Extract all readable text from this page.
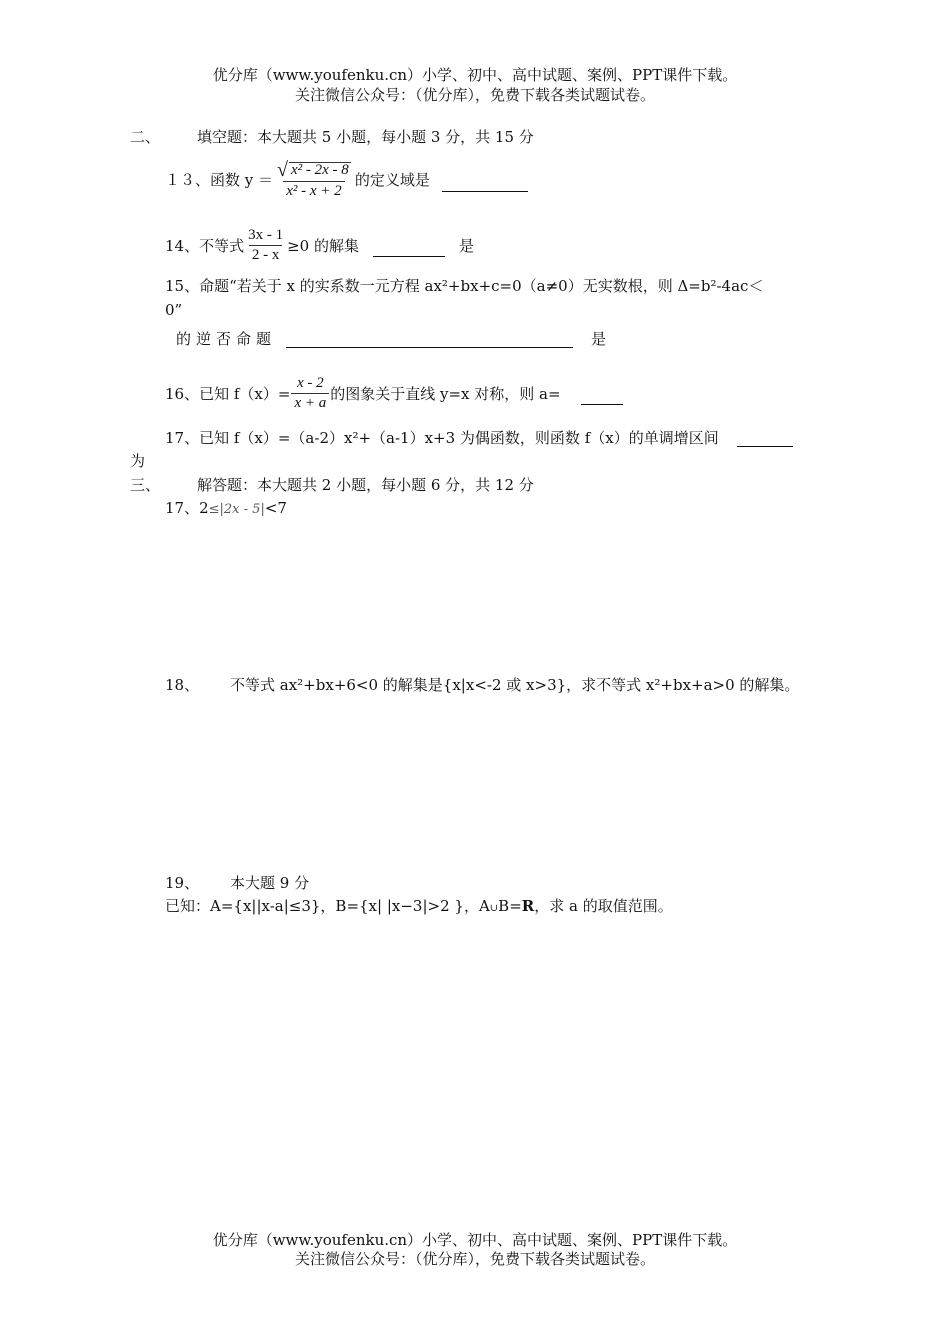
优分库（www.youfenku.cn）小学、初中、高中试题、案例、PPT课件下载。
关注微信公众号：（优分库），免费下载各类试题试卷。
二、 填空题：本大题共 5 小题，每小题 3 分，共 15 分
１３、函数 $y = \frac{\text{√ x² - 2x - 8}}{\text{x² - x + 2}}$ 的定义域是
14、不等式 $\frac{3x - 1}{2 - x} \ge 0$ 的解集	是
15、命题“若关于 x 的实系数一元方程 ax²+bx+c=0（a≠0）无实数根，则 Δ=b²-4ac＜
0”
的逆否命题	是
16、已知 $f(x)= \frac{x - 2}{x + a}$ 的图象关于直线 y=x 对称，则 a=
17、已知 f（x）=（a-2）x²+（a-1）x+3 为偶函数，则函数 f（x）的单调增区间
为
三、 解答题：本大题共 2 小题，每小题 6 分，共 12 分
17、2≤|2x - 5|<7
18、 不等式 ax²+bx+6<0 的解集是{x|x<-2 或 x>3}，求不等式 x²+bx+a>0 的解集。
19、 本大题 9 分
已知：A={x||x-a|≤3}，B={x| |x−3|>2 }，A∪B=R，求 a 的取值范围。
优分库（www.youfenku.cn）小学、初中、高中试题、案例、PPT课件下载。
关注微信公众号：（优分库），免费下载各类试题试卷。
